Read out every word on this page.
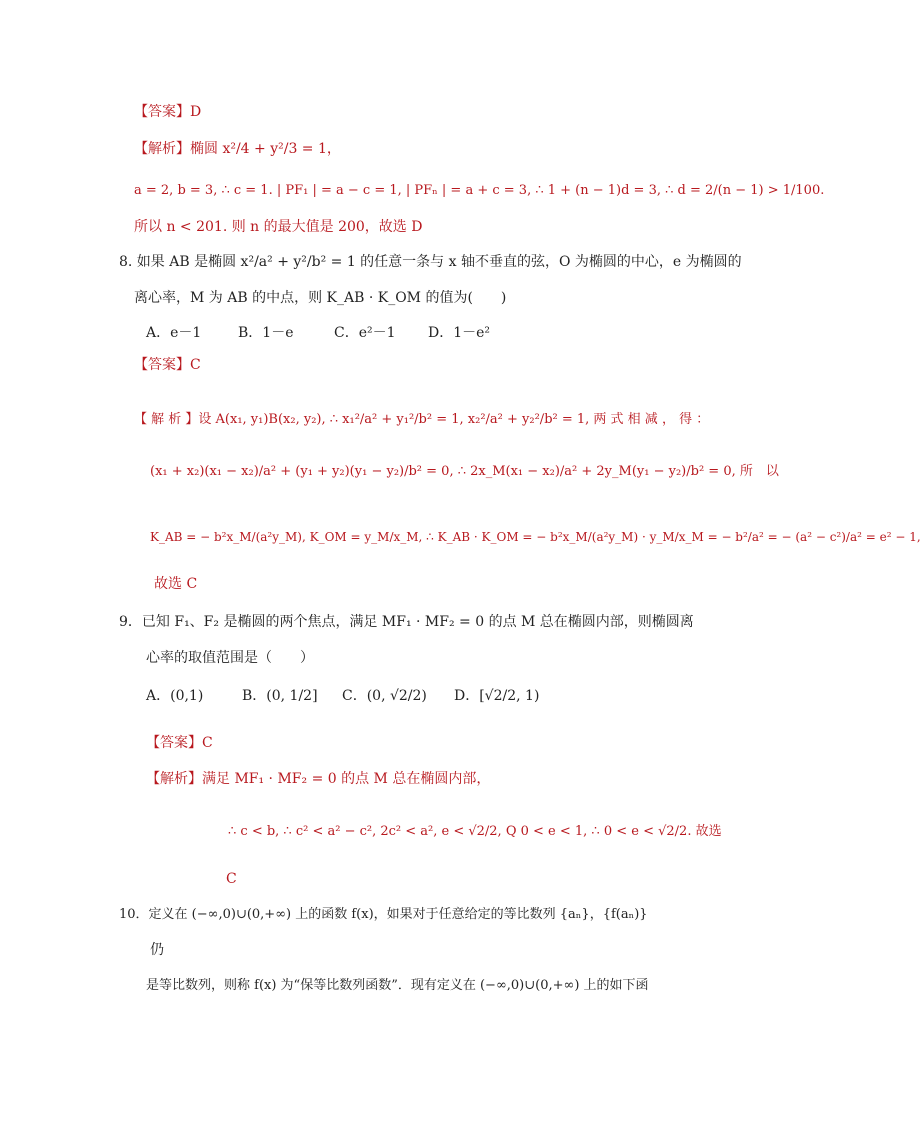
【答案】D
【解析】椭圆 x²/4 + y²/3 = 1，
a = 2, b = 3, ∴ c = 1. | PF₁ | = a − c = 1, | PFₙ | = a + c = 3, ∴ 1 + (n − 1)d = 3, ∴ d = 2/(n − 1) > 1/100.
所以 n < 201. 则 n 的最大值是 200，故选 D
8. 如果 AB 是椭圆 x²/a² + y²/b² = 1 的任意一条与 x 轴不垂直的弦，O 为椭圆的中心，e 为椭圆的
离心率，M 为 AB 的中点，则 K_AB · K_OM 的值为(　　)
A．e－1	B．1－e	C．e²－1 D．1－e²
【答案】C
【 解 析 】设 A(x₁, y₁)B(x₂, y₂), ∴ x₁²/a² + y₁²/b² = 1, x₂²/a² + y₂²/b² = 1, 两 式 相 减 ， 得 ：
(x₁ + x₂)(x₁ − x₂)/a² + (y₁ + y₂)(y₁ − y₂)/b² = 0, ∴ 2x_M(x₁ − x₂)/a² + 2y_M(y₁ − y₂)/b² = 0, 所　以
K_AB = − b²x_M/(a²y_M), K_OM = y_M/x_M, ∴ K_AB · K_OM = − b²x_M/(a²y_M) · y_M/x_M = − b²/a² = − (a² − c²)/a² = e² − 1,
故选 C
9．已知 F₁、F₂ 是椭圆的两个焦点，满足 MF₁ · MF₂ = 0 的点 M 总在椭圆内部，则椭圆离
心率的取值范围是（　　）
A．(0,1)	B．(0, 1/2] C．(0, √2/2) D．[√2/2, 1)
【答案】C
【解析】满足 MF₁ · MF₂ = 0 的点 M 总在椭圆内部，
∴ c < b, ∴ c² < a² − c², 2c² < a², e < √2/2, Q 0 < e < 1, ∴ 0 < e < √2/2. 故选
C
10．定义在 (−∞,0)∪(0,+∞) 上的函数 f(x)，如果对于任意给定的等比数列 {aₙ}，{f(aₙ)}
仍
是等比数列，则称 f(x) 为“保等比数列函数”．现有定义在 (−∞,0)∪(0,+∞) 上的如下函
